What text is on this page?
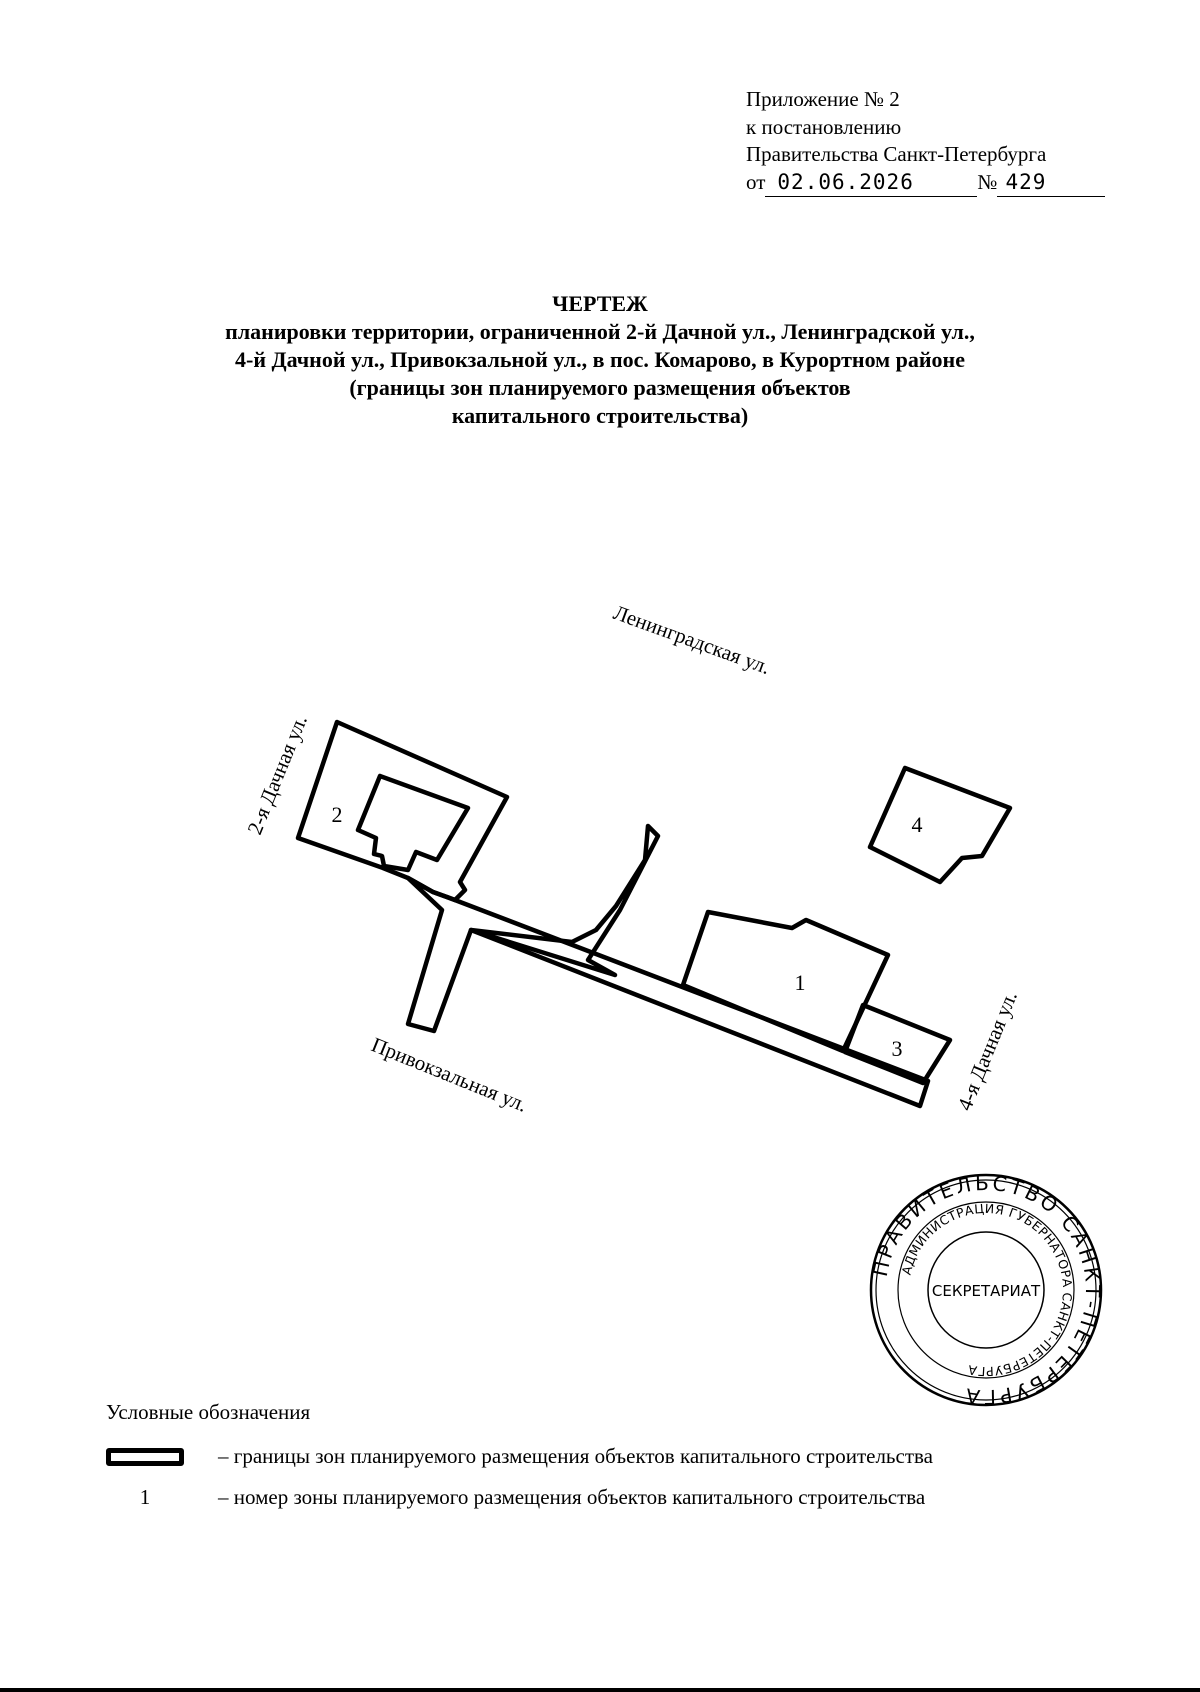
Приложение № 2
к постановлению
Правительства Санкт-Петербурга
от 02.06.2026	№ 429
ЧЕРТЕЖ
планировки территории, ограниченной 2-й Дачной ул., Ленинградской ул.,
4-й Дачной ул., Привокзальной ул., в пос. Комарово, в Курортном районе
(границы зон планируемого размещения объектов
капитального строительства)
2	4
1
3
Ленинградская ул.
2-я Дачная ул.
4-я Дачная ул.
Привокзальная ул.
ПРАВИТЕЛЬСТВО САНКТ-ПЕТЕРБУРГА
АДМИНИСТРАЦИЯ ГУБЕРНАТОРА САНКТ-ПЕТЕРБУРГА
СЕКРЕТАРИАТ
Условные обозначения
– границы зон планируемого размещения объектов капитального строительства
1	– номер зоны планируемого размещения объектов капитального строительства
